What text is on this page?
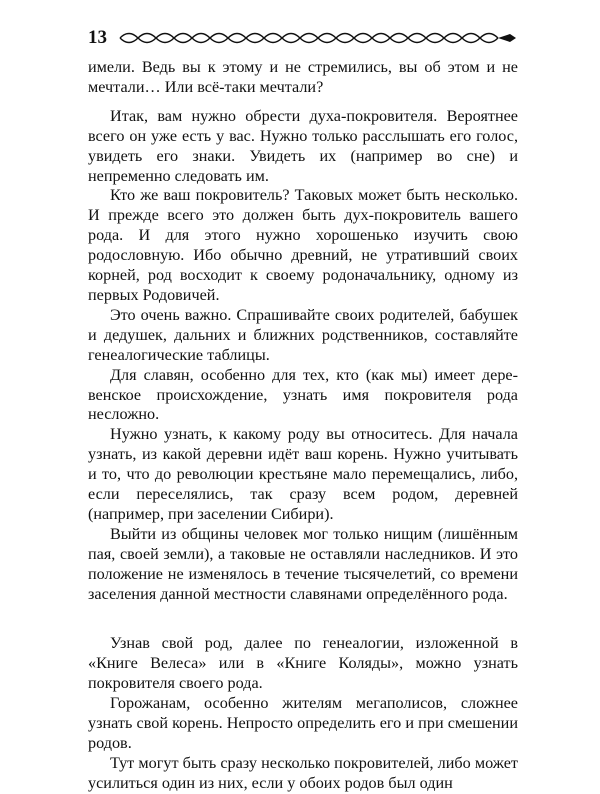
13

имели. Ведь вы к этому и не стремились, вы об этом и не мечтали… Или всё-таки мечтали?

Итак, вам нужно обрести духа-покровителя. Вероятнее всего он уже есть у вас. Нужно только расслышать его голос, увидеть его знаки. Увидеть их (например во сне) и непременно следовать им.

Кто же ваш покровитель? Таковых может быть несколько. И прежде всего это должен быть дух-покровитель вашего рода. И для этого нужно хорошенько изучить свою родословную. Ибо обычно древний, не утративший своих корней, род восходит к своему родоначальнику, одному из первых Родовичей.

Это очень важно. Спрашивайте своих родителей, бабушек и дедушек, дальних и ближних родственников, составляйте генеалогические таблицы.

Для славян, особенно для тех, кто (как мы) имеет деревенское происхождение, узнать имя покровителя рода несложно.

Нужно узнать, к какому роду вы относитесь. Для начала узнать, из какой деревни идёт ваш корень. Нужно учитывать и то, что до революции крестьяне мало перемещались, либо, если переселялись, так сразу всем родом, деревней (например, при заселении Сибири).

Выйти из общины человек мог только нищим (лишённым пая, своей земли), а таковые не оставляли наследников. И это положение не изменялось в течение тысячелетий, со времени заселения данной местности славянами определённого рода.

Узнав свой род, далее по генеалогии, изложенной в «Книге Велеса» или в «Книге Коляды», можно узнать покровителя своего рода.

Горожанам, особенно жителям мегаполисов, сложнее узнать свой корень. Непросто определить его и при смешении родов.

Тут могут быть сразу несколько покровителей, либо может усилиться один из них, если у обоих родов был один
